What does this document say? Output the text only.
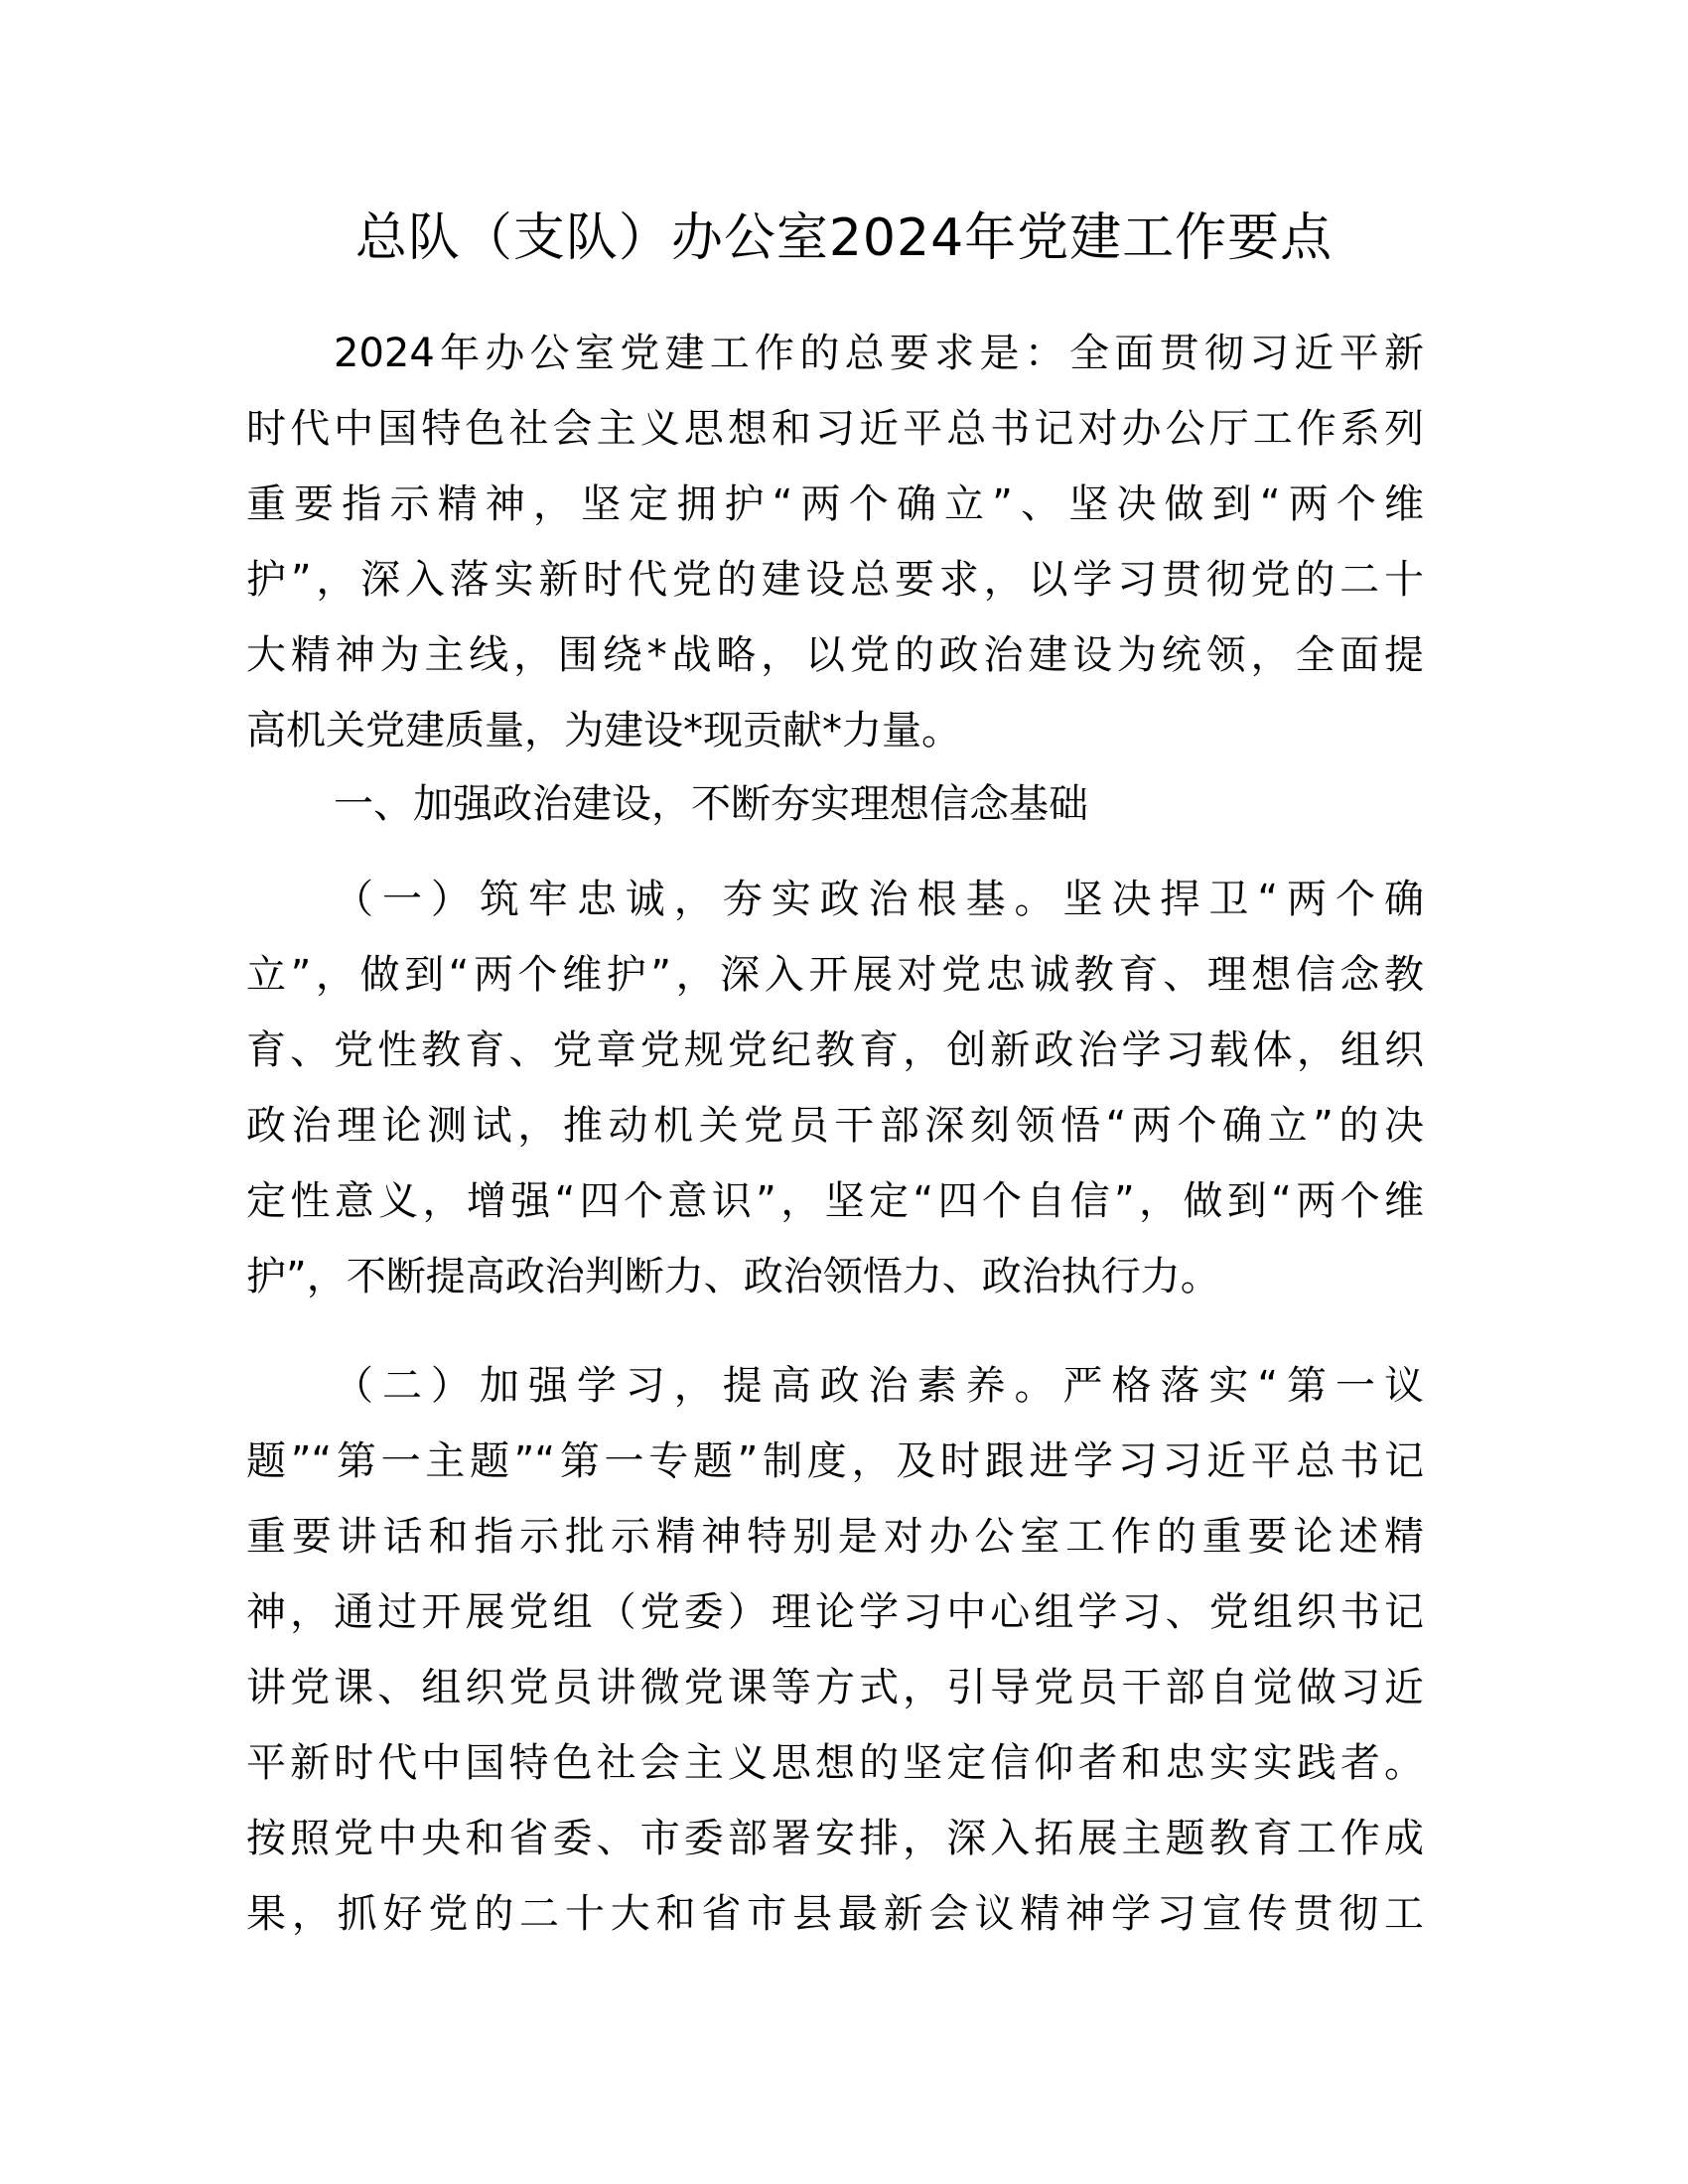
总队（支队）办公室2024年党建工作要点
2024年办公室党建工作的总要求是：全面贯彻习近平新
时代中国特色社会主义思想和习近平总书记对办公厅工作系列
重要指示精神，坚定拥护“两个确立”、坚决做到“两个维
护”，深入落实新时代党的建设总要求，以学习贯彻党的二十
大精神为主线，围绕*战略，以党的政治建设为统领，全面提
高机关党建质量，为建设*现贡献*力量。
一、加强政治建设，不断夯实理想信念基础
（一）筑牢忠诚，夯实政治根基。坚决捍卫“两个确
立”，做到“两个维护”，深入开展对党忠诚教育、理想信念教
育、党性教育、党章党规党纪教育，创新政治学习载体，组织
政治理论测试，推动机关党员干部深刻领悟“两个确立”的决
定性意义，增强“四个意识”，坚定“四个自信”，做到“两个维
护”，不断提高政治判断力、政治领悟力、政治执行力。
（二）加强学习，提高政治素养。严格落实“第一议
题”“第一主题”“第一专题”制度，及时跟进学习习近平总书记
重要讲话和指示批示精神特别是对办公室工作的重要论述精
神，通过开展党组（党委）理论学习中心组学习、党组织书记
讲党课、组织党员讲微党课等方式，引导党员干部自觉做习近
平新时代中国特色社会主义思想的坚定信仰者和忠实实践者。
按照党中央和省委、市委部署安排，深入拓展主题教育工作成
果，抓好党的二十大和省市县最新会议精神学习宣传贯彻工
